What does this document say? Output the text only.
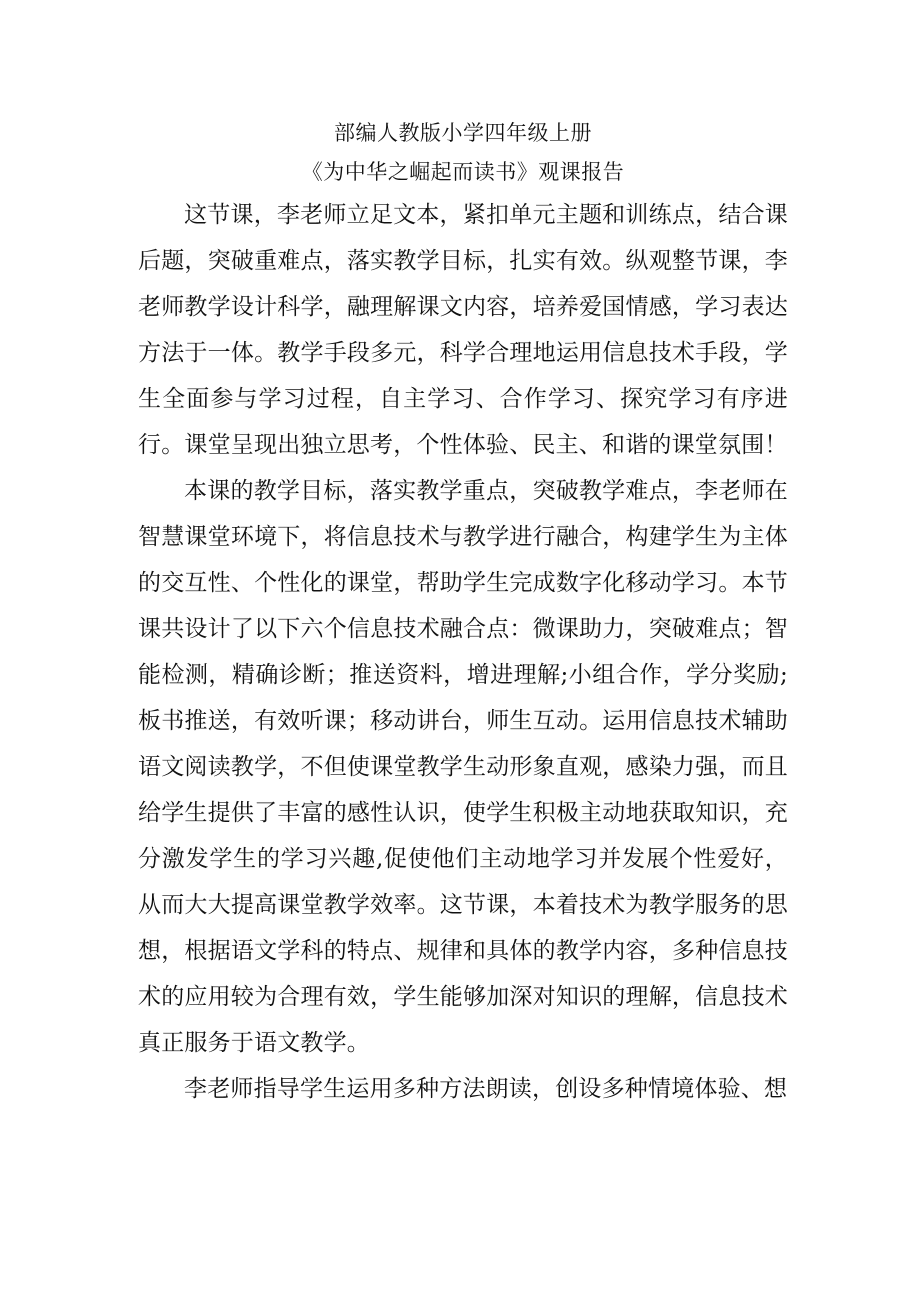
部编人教版小学四年级上册

《为中华之崛起而读书》观课报告

这节课，李老师立足文本，紧扣单元主题和训练点，结合课后题，突破重难点，落实教学目标，扎实有效。纵观整节课，李老师教学设计科学，融理解课文内容，培养爱国情感，学习表达方法于一体。教学手段多元，科学合理地运用信息技术手段，学生全面参与学习过程，自主学习、合作学习、探究学习有序进行。课堂呈现出独立思考，个性体验、民主、和谐的课堂氛围！

本课的教学目标，落实教学重点，突破教学难点，李老师在智慧课堂环境下，将信息技术与教学进行融合，构建学生为主体的交互性、个性化的课堂，帮助学生完成数字化移动学习。本节课共设计了以下六个信息技术融合点：微课助力，突破难点；智能检测，精确诊断；推送资料，增进理解;小组合作，学分奖励;板书推送，有效听课；移动讲台，师生互动。运用信息技术辅助语文阅读教学，不但使课堂教学生动形象直观，感染力强，而且给学生提供了丰富的感性认识，使学生积极主动地获取知识，充分激发学生的学习兴趣,促使他们主动地学习并发展个性爱好，从而大大提高课堂教学效率。这节课，本着技术为教学服务的思想，根据语文学科的特点、规律和具体的教学内容，多种信息技术的应用较为合理有效，学生能够加深对知识的理解，信息技术真正服务于语文教学。

李老师指导学生运用多种方法朗读，创设多种情境体验、想
